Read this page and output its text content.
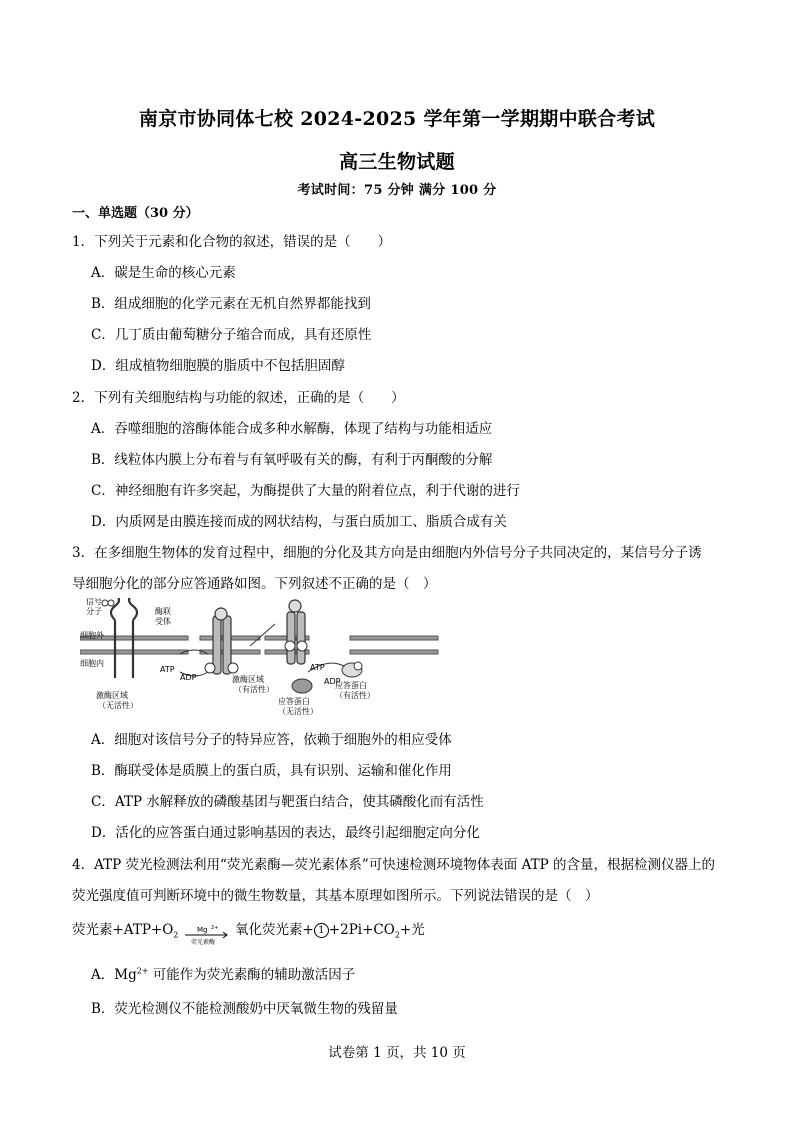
南京市协同体七校 2024-2025 学年第一学期期中联合考试
高三生物试题
考试时间：75 分钟 满分 100 分
一、单选题（30 分）
1．下列关于元素和化合物的叙述，错误的是（　　）
A．碳是生命的核心元素
B．组成细胞的化学元素在无机自然界都能找到
C．几丁质由葡萄糖分子缩合而成，具有还原性
D．组成植物细胞膜的脂质中不包括胆固醇
2．下列有关细胞结构与功能的叙述，正确的是（　　）
A．吞噬细胞的溶酶体能合成多种水解酶，体现了结构与功能相适应
B．线粒体内膜上分布着与有氧呼吸有关的酶，有利于丙酮酸的分解
C．神经细胞有许多突起，为酶提供了大量的附着位点，利于代谢的进行
D．内质网是由膜连接而成的网状结构，与蛋白质加工、脂质合成有关
3．在多细胞生物体的发育过程中，细胞的分化及其方向是由细胞内外信号分子共同决定的，某信号分子诱
导细胞分化的部分应答通路如图。下列叙述不正确的是（　）
信号
分子	酶联
受体
细胞外
细胞内
ATP
ADP
激酶区域
（无活性）
激酶区域
（有活性）
ATP
ADP
应答蛋白
（无活性）
应答蛋白
（有活性）
A．细胞对该信号分子的特异应答，依赖于细胞外的相应受体
B．酶联受体是质膜上的蛋白质，具有识别、运输和催化作用
C．ATP 水解释放的磷酸基团与靶蛋白结合，使其磷酸化而有活性
D．活化的应答蛋白通过影响基因的表达，最终引起细胞定向分化
4．ATP 荧光检测法利用“荧光素酶—荧光素体系”可快速检测环境物体表面 ATP 的含量，根据检测仪器上的
荧光强度值可判断环境中的微生物数量，其基本原理如图所示。下列说法错误的是（　）
荧光素$+ATP+O_2$
Mg 2+
荧光素酶
氧化荧光素+ $1 +2Pi+CO_2+$光
A．$Mg^{2+}$ 可能作为荧光素酶的辅助激活因子
B．荧光检测仪不能检测酸奶中厌氧微生物的残留量
试卷第 1 页，共 10 页
